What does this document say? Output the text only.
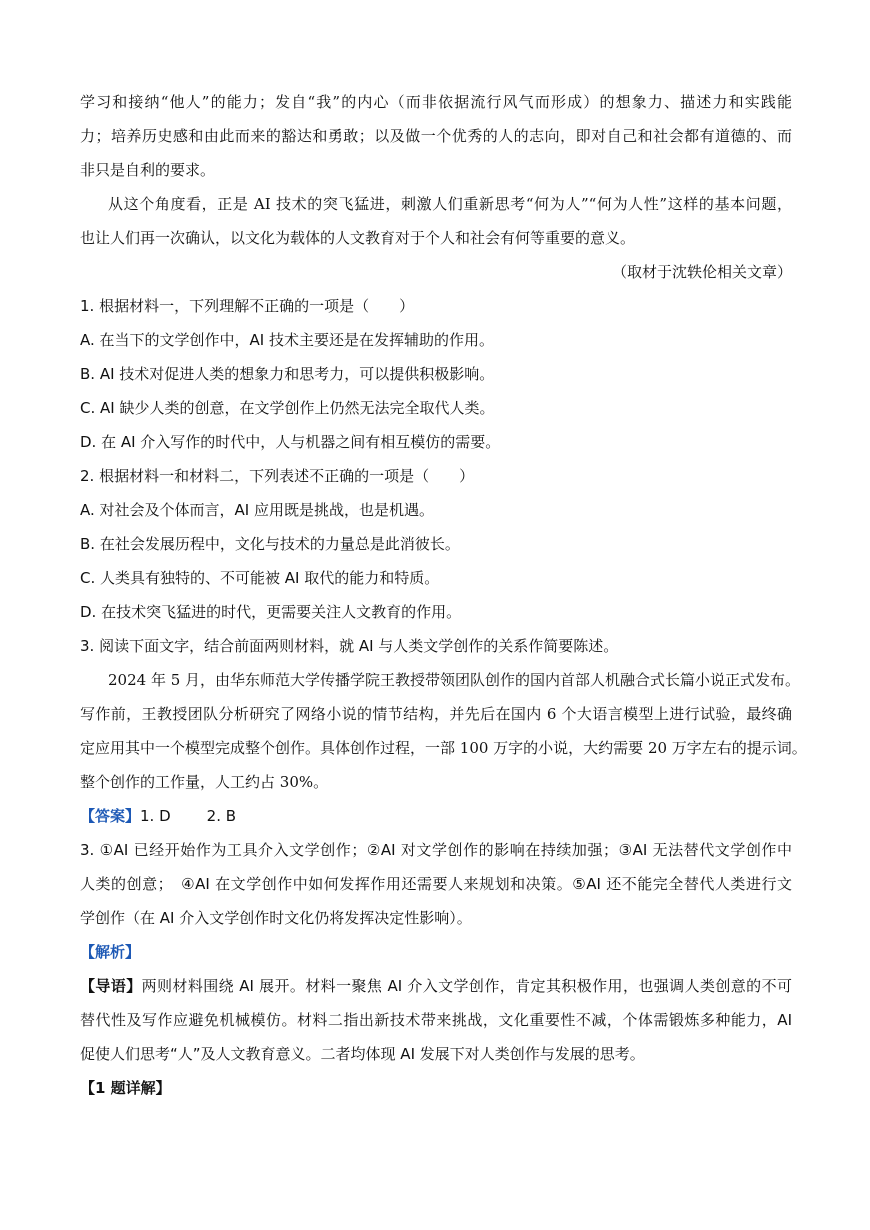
学习和接纳“他人”的能力；发自“我”的内心（而非依据流行风气而形成）的想象力、描述力和实践能
力；培养历史感和由此而来的豁达和勇敢；以及做一个优秀的人的志向，即对自己和社会都有道德的、而
非只是自利的要求。
从这个角度看，正是 AI 技术的突飞猛进，刺激人们重新思考“何为人”“何为人性”这样的基本问题，
也让人们再一次确认，以文化为载体的人文教育对于个人和社会有何等重要的意义。
（取材于沈轶伦相关文章）
1. 根据材料一，下列理解不正确的一项是（　　）
A. 在当下的文学创作中，AI 技术主要还是在发挥辅助的作用。
B. AI 技术对促进人类的想象力和思考力，可以提供积极影响。
C. AI 缺少人类的创意，在文学创作上仍然无法完全取代人类。
D. 在 AI 介入写作的时代中，人与机器之间有相互模仿的需要。
2. 根据材料一和材料二，下列表述不正确的一项是（　　）
A. 对社会及个体而言，AI 应用既是挑战，也是机遇。
B. 在社会发展历程中，文化与技术的力量总是此消彼长。
C. 人类具有独特的、不可能被 AI 取代的能力和特质。
D. 在技术突飞猛进的时代，更需要关注人文教育的作用。
3. 阅读下面文字，结合前面两则材料，就 AI 与人类文学创作的关系作简要陈述。
2024 年 5 月，由华东师范大学传播学院王教授带领团队创作的国内首部人机融合式长篇小说正式发布。
写作前，王教授团队分析研究了网络小说的情节结构，并先后在国内 6 个大语言模型上进行试验，最终确
定应用其中一个模型完成整个创作。具体创作过程，一部 100 万字的小说，大约需要 20 万字左右的提示词。
整个创作的工作量，人工约占 30%。
【答案】1. D 2. B
3. ①AI 已经开始作为工具介入文学创作；②AI 对文学创作的影响在持续加强；③AI 无法替代文学创作中
人类的创意；　④AI 在文学创作中如何发挥作用还需要人来规划和决策。⑤AI 还不能完全替代人类进行文
学创作（在 AI 介入文学创作时文化仍将发挥决定性影响）。
【解析】
【导语】两则材料围绕 AI 展开。材料一聚焦 AI 介入文学创作，肯定其积极作用，也强调人类创意的不可
替代性及写作应避免机械模仿。材料二指出新技术带来挑战，文化重要性不减，个体需锻炼多种能力，AI
促使人们思考“人”及人文教育意义。二者均体现 AI 发展下对人类创作与发展的思考。
【1 题详解】
